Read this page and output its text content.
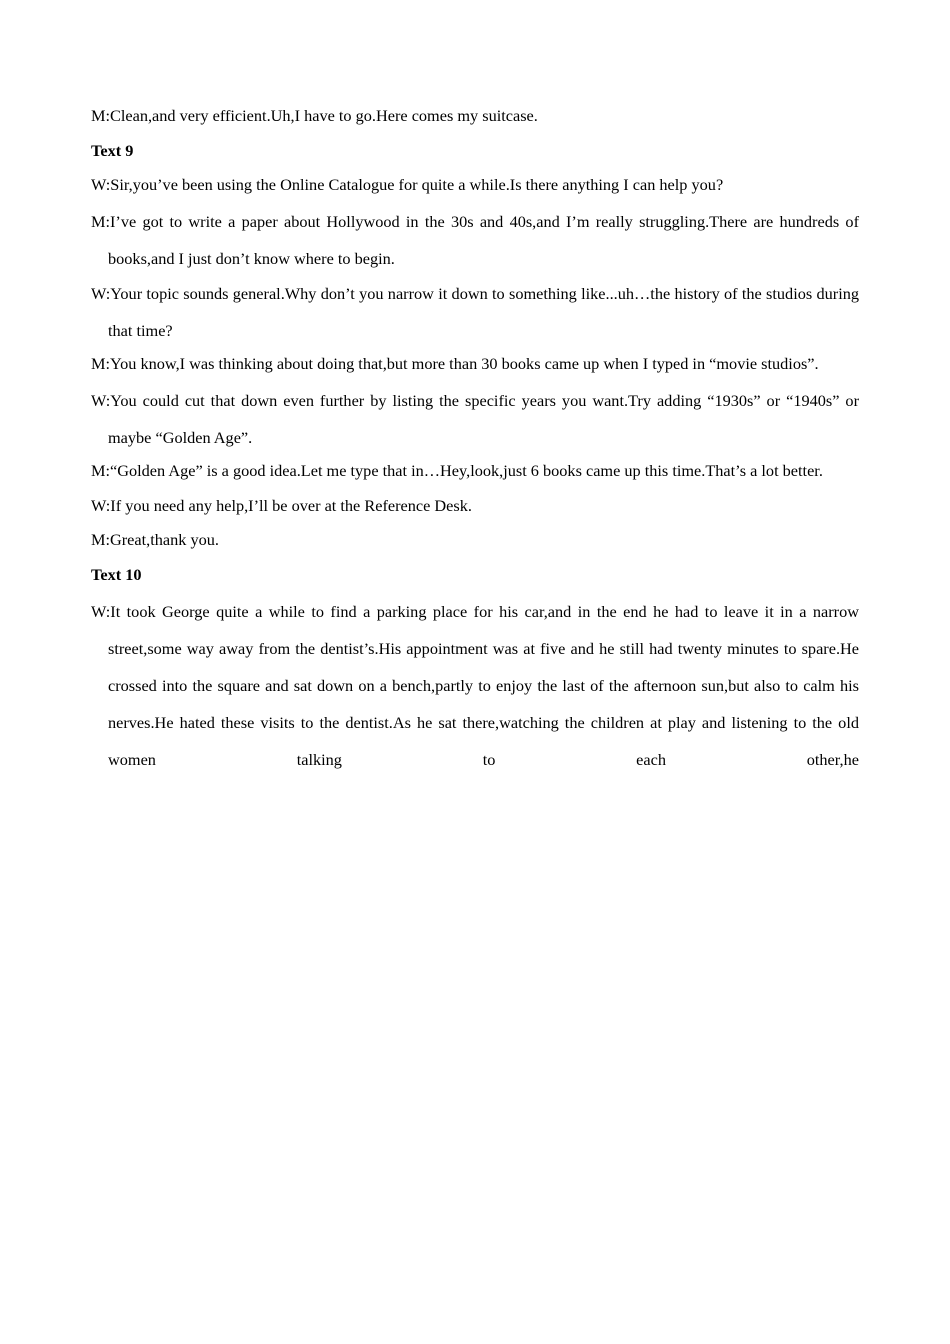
M:Clean,and very efficient.Uh,I have to go.Here comes my suitcase.

Text 9

W:Sir,you’ve been using the Online Catalogue for quite a while.Is there anything I can help you?

M:I’ve got to write a paper about Hollywood in the 30s and 40s,and I’m really struggling.There are hundreds of books,and I just don’t know where to begin.

W:Your topic sounds general.Why don’t you narrow it down to something like...uh…the history of the studios during that time?

M:You know,I was thinking about doing that,but more than 30 books came up when I typed in “movie studios”.

W:You could cut that down even further by listing the specific years you want.Try adding “1930s” or “1940s” or maybe “Golden Age”.

M:“Golden Age” is a good idea.Let me type that in…Hey,look,just 6 books came up this time.That’s a lot better.

W:If you need any help,I’ll be over at the Reference Desk.

M:Great,thank you.

Text 10

W:It took George quite a while to find a parking place for his car,and in the end he had to leave it in a narrow street,some way away from the dentist’s.His appointment was at five and he still had twenty minutes to spare.He crossed into the square and sat down on a bench,partly to enjoy the last of the afternoon sun,but also to calm his nerves.He hated these visits to the dentist.As he sat there,watching the children at play and listening to the old women talking to each other,he
